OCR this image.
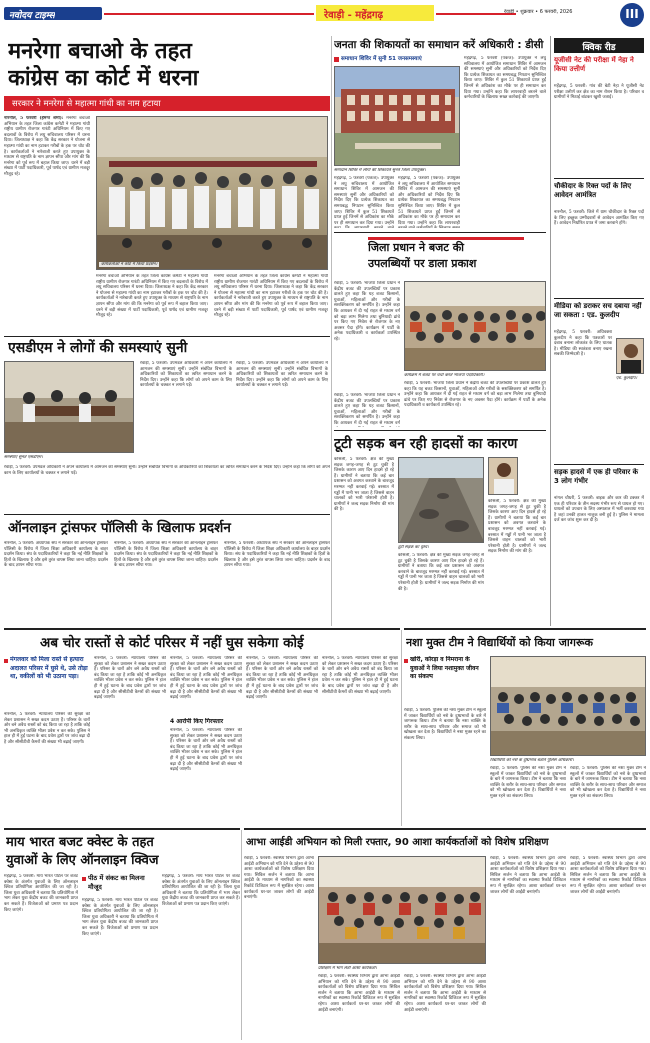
नवोदय टाइम्स	रेवाड़ी - महेंद्रगढ़	रेवाड़ी • शुक्रवार • 6 फरवरी, 2026	III
मनरेगा बचाओ के तहत
कांग्रेस का कोर्ट में धरना
सरकार ने मनरेगा से महात्मा गांधी का नाम हटाया
नारनौल, 5 फरवरी (हेमन्त शर्मा): मनरेगा बचाओ अभियान के तहत जिला कांग्रेस कमेटी ने महात्मा गांधी राष्ट्रीय ग्रामीण रोजगार गारंटी अधिनियम में किए गए बदलावों के विरोध में लघु सचिवालय परिसर में धरना दिया। जिलाध्यक्ष ने कहा कि केंद्र सरकार ने योजना से महात्मा गांधी का नाम हटाकर गरीबों के हक पर चोट की है। कार्यकर्ताओं ने नारेबाजी करते हुए उपायुक्त के माध्यम से राष्ट्रपति के नाम ज्ञापन सौंपा और मांग की कि मनरेगा को पूर्व रूप में बहाल किया जाए। धरने में बड़ी संख्या में पार्टी पदाधिकारी, पूर्व पार्षद एवं ग्रामीण मजदूर मौजूद रहे।
कार्यकर्ताओं ने कोर्ट में किया प्रदर्शन।
मनरेगा बचाओ अभियान के तहत जिला कांग्रेस कमेटी ने महात्मा गांधी राष्ट्रीय ग्रामीण रोजगार गारंटी अधिनियम में किए गए बदलावों के विरोध में लघु सचिवालय परिसर में धरना दिया। जिलाध्यक्ष ने कहा कि केंद्र सरकार ने योजना से महात्मा गांधी का नाम हटाकर गरीबों के हक पर चोट की है। कार्यकर्ताओं ने नारेबाजी करते हुए उपायुक्त के माध्यम से राष्ट्रपति के नाम ज्ञापन सौंपा और मांग की कि मनरेगा को पूर्व रूप में बहाल किया जाए। धरने में बड़ी संख्या में पार्टी पदाधिकारी, पूर्व पार्षद एवं ग्रामीण मजदूर मौजूद रहे।
मनरेगा बचाओ अभियान के तहत जिला कांग्रेस कमेटी ने महात्मा गांधी राष्ट्रीय ग्रामीण रोजगार गारंटी अधिनियम में किए गए बदलावों के विरोध में लघु सचिवालय परिसर में धरना दिया। जिलाध्यक्ष ने कहा कि केंद्र सरकार ने योजना से महात्मा गांधी का नाम हटाकर गरीबों के हक पर चोट की है। कार्यकर्ताओं ने नारेबाजी करते हुए उपायुक्त के माध्यम से राष्ट्रपति के नाम ज्ञापन सौंपा और मांग की कि मनरेगा को पूर्व रूप में बहाल किया जाए। धरने में बड़ी संख्या में पार्टी पदाधिकारी, पूर्व पार्षद एवं ग्रामीण मजदूर मौजूद रहे।
जनता की शिकायतों का समाधान करें अधिकारी : डीसी
समाधान शिविर में सुनी 51 जनसमस्याएं
समाधान शिविर में लोगों की शिकायतें सुनते जिला उपायुक्त।
महेंद्रगढ़, 5 फरवरी (पंकज): उपायुक्त ने लघु सचिवालय में आयोजित समाधान शिविर में आमजन की समस्याएं सुनीं और अधिकारियों को निर्देश दिए कि प्रत्येक शिकायत का समयबद्ध निपटान सुनिश्चित किया जाए। शिविर में कुल 51 शिकायतें प्राप्त हुईं जिनमें से अधिकांश का मौके पर ही समाधान कर दिया गया। उन्होंने
महेंद्रगढ़, 5 फरवरी (पंकज): उपायुक्त ने लघु सचिवालय में आयोजित समाधान शिविर में आमजन की समस्याएं सुनीं और अधिकारियों को निर्देश दिए कि प्रत्येक शिकायत का समयबद्ध निपटान सुनिश्चित किया जाए। शिविर में कुल 51 शिकायतें प्राप्त हुईं जिनमें से अधिकांश का मौके पर ही समाधान कर दिया गया। उन्होंने कहा कि लापरवाही
महेंद्रगढ़, 5 फरवरी (पंकज): उपायुक्त ने लघु सचिवालय में आयोजित समाधान शिविर में आमजन की समस्याएं सुनीं और अधिकारियों को निर्देश दिए कि प्रत्येक शिकायत का समयबद्ध निपटान सुनिश्चित किया जाए। शिविर में कुल 51 शिकायतें प्राप्त हुईं जिनमें से अधिकांश का मौके पर ही समाधान कर दिया गया। उन्होंने कहा कि लापरवाही बरतने वाले कर्मचारियों के खिलाफ सख्त कार्रवाई की जाएगी।
क्विक रीड
यूजीसी नेट की परीक्षा में नेहा ने किया उत्तीर्ण
महेंद्रगढ़, 5 फरवरी: गांव की बेटी नेहा ने यूजीसी नेट परीक्षा उत्तीर्ण कर क्षेत्र का नाम रोशन किया है। परिवार व ग्रामीणों ने मिठाई बांटकर खुशी जताई।
चौकीदार के रिक्त पदों के लिए आवेदन आमंत्रित
नारनौल, 5 फरवरी: जिले में ग्राम चौकीदार के रिक्त पदों के लिए इच्छुक उम्मीदवारों से आवेदन आमंत्रित किए गए हैं। आवेदन निर्धारित प्रपत्र में जमा करवाने होंगे।
मीडिया को डराकर सच दबाया नहीं जा सकता : एड. कुलदीप
महेंद्रगढ़, 5 फरवरी: अधिवक्ता कुलदीप ने कहा कि पत्रकारों पर दबाव बनाना लोकतंत्र के लिए घातक है। मीडिया की स्वतंत्रता बनाए रखना सबकी जिम्मेदारी है।
एड. कुलदीप।
सड़क हादसे में एक ही परिवार के 3 लोग गंभीर
नांगल चौधरी, 5 फरवरी: बाइक और कार की टक्कर में एक ही परिवार के तीन सदस्य गंभीर रूप से घायल हो गए। घायलों को उपचार के लिए अस्पताल में भर्ती करवाया गया है जहां उनकी हालत नाजुक बनी हुई है। पुलिस ने मामला दर्ज कर जांच शुरू कर दी है।
जिला प्रधान ने बजट की
उपलब्धियों पर डाला प्रकाश
रेवाड़ी, 5 फरवरी: भाजपा जिला प्रधान ने केंद्रीय बजट की उपलब्धियों पर प्रकाश डालते हुए कहा कि यह बजट किसानों, युवाओं, महिलाओं और गरीबों के सशक्तिकरण को समर्पित है। उन्होंने कहा कि आयकर में दी गई राहत से मध्यम वर्ग को बड़ा लाभ मिलेगा तथा बुनियादी ढांचे पर किए गए निवेश से रोजगार के नए अवसर पैदा होंगे। कार्यक्रम में पार्टी के अनेक पदाधिकारी व कार्यकर्ता उपस्थित रहे।
कार्यक्रम में बजट पर चर्चा करते भाजपा पदाधिकारी।
रेवाड़ी, 5 फरवरी: भाजपा जिला प्रधान ने केंद्रीय बजट की उपलब्धियों पर प्रकाश डालते हुए कहा कि यह बजट किसानों, युवाओं, महिलाओं और गरीबों के सशक्तिकरण को समर्पित है। उन्होंने कहा कि आयकर में दी गई राहत से मध्यम वर्ग को बड़ा लाभ मिलेगा तथा बुनियादी ढांचे पर किए गए निवेश से रोजगार के नए अवसर पैदा होंगे। कार्यक्रम में पार्टी के अनेक पदाधिकारी व कार्यकर्ता उपस्थित रहे।
रेवाड़ी, 5 फरवरी: भाजपा जिला प्रधान ने केंद्रीय बजट की उपलब्धियों पर प्रकाश डालते हुए कहा कि यह बजट किसानों, युवाओं, महिलाओं और गरीबों के सशक्तिकरण को समर्पित है। उन्होंने कहा कि आयकर में दी गई राहत से मध्यम वर्ग
एसडीएम ने लोगों की समस्याएं सुनी
समस्याएं सुनते एसडीएम।
रेवाड़ी, 5 फरवरी: उपमंडल अधिकारी ने अपने कार्यालय में आमजन की समस्याएं सुनीं। उन्होंने संबंधित विभागों के अधिकारियों को शिकायतों का त्वरित समाधान करने के निर्देश दिए। उन्होंने कहा कि लोगों को अपने काम के लिए कार्यालयों के चक्कर न लगाने पड़ें।
रेवाड़ी, 5 फरवरी: उपमंडल अधिकारी ने अपने कार्यालय में आमजन की समस्याएं सुनीं। उन्होंने संबंधित विभागों के अधिकारियों को शिकायतों का त्वरित समाधान करने के निर्देश दिए। उन्होंने कहा कि लोगों को अपने काम के लिए कार्यालयों के चक्कर न लगाने पड़ें।
रेवाड़ी, 5 फरवरी: उपमंडल अधिकारी ने अपने कार्यालय में आमजन की समस्याएं सुनीं। उन्होंने संबंधित विभागों के अधिकारियों को शिकायतों का त्वरित समाधान करने के निर्देश दिए। उन्होंने कहा कि लोगों को अपने काम के लिए कार्यालयों के चक्कर न लगाने पड़ें।
टूटी सड़क बन रही हादसों का कारण
कोसली, 5 फरवरी: क्षेत्र की मुख्य सड़क जगह-जगह से टूट चुकी है जिसके कारण आए दिन हादसे हो रहे हैं। ग्रामीणों ने बताया कि कई बार प्रशासन को अवगत करवाने के बावजूद मरम्मत नहीं करवाई गई। बरसात में गड्ढों में पानी भर जाता है जिससे वाहन चालकों को भारी परेशानी होती है। ग्रामीणों ने जल्द सड़क निर्माण की मांग की है।
टूटी सड़क का दृश्य।
कोसली, 5 फरवरी: क्षेत्र की मुख्य सड़क जगह-जगह से टूट चुकी है जिसके कारण आए दिन हादसे हो रहे हैं। ग्रामीणों ने बताया कि कई बार प्रशासन को अवगत करवाने के बावजूद मरम्मत नहीं करवाई गई। बरसात में गड्ढों में पानी भर जाता है जिससे वाहन चालकों को भारी परेशानी होती है। ग्रामीणों ने जल्द सड़क निर्माण की मांग की है।
कोसली, 5 फरवरी: क्षेत्र की मुख्य सड़क जगह-जगह से टूट चुकी है जिसके कारण आए दिन हादसे हो रहे हैं। ग्रामीणों ने बताया कि कई बार प्रशासन को अवगत करवाने के बावजूद मरम्मत नहीं करवाई गई। बरसात में गड्ढों में पानी भर जाता है जिससे वाहन चालकों को भारी परेशानी होती है। ग्रामीणों ने जल्द सड़क निर्माण की मांग की है।
ऑनलाइन ट्रांसफर पॉलिसी के खिलाफ प्रदर्शन
नारनौल, 5 फरवरी: अध्यापक संघ ने सरकार की ऑनलाइन ट्रांसफर पॉलिसी के विरोध में जिला शिक्षा अधिकारी कार्यालय के बाहर प्रदर्शन किया। संघ के पदाधिकारियों ने कहा कि नई नीति शिक्षकों के हितों के खिलाफ है और इसे तुरंत वापस लिया जाना चाहिए। प्रदर्शन के बाद ज्ञापन सौंपा गया।
नारनौल, 5 फरवरी: अध्यापक संघ ने सरकार की ऑनलाइन ट्रांसफर पॉलिसी के विरोध में जिला शिक्षा अधिकारी कार्यालय के बाहर प्रदर्शन किया। संघ के पदाधिकारियों ने कहा कि नई नीति शिक्षकों के हितों के खिलाफ है और इसे तुरंत वापस लिया जाना चाहिए। प्रदर्शन के बाद ज्ञापन सौंपा गया।
नारनौल, 5 फरवरी: अध्यापक संघ ने सरकार की ऑनलाइन ट्रांसफर पॉलिसी के विरोध में जिला शिक्षा अधिकारी कार्यालय के बाहर प्रदर्शन किया। संघ के पदाधिकारियों ने कहा कि नई नीति शिक्षकों के हितों के खिलाफ है और इसे तुरंत वापस लिया जाना चाहिए। प्रदर्शन के बाद ज्ञापन सौंपा गया।
अब चोर रास्तों से कोर्ट परिसर में नहीं घुस सकेगा कोई
मंगलवार को मिला रास्ते से हत्यारा अदालत परिसर में घुसे थे, उसे तोड़ा था, वकीलों को भी उठाना पड़ा।
नारनौल, 5 फरवरी: न्यायालय परिसर की सुरक्षा को लेकर प्रशासन ने सख्त कदम उठाए हैं। परिसर के चारों ओर बने अवैध रास्तों को बंद किया जा रहा है ताकि कोई भी अनधिकृत व्यक्ति भीतर प्रवेश न कर सके। पुलिस ने हाल ही में हुई घटना के बाद प्रवेश द्वारों पर जांच बढ़ा दी है और सीसीटीवी कैमरों की संख्या भी बढ़ाई जाएगी।
नारनौल, 5 फरवरी: न्यायालय परिसर की सुरक्षा को लेकर प्रशासन ने सख्त कदम उठाए हैं। परिसर के चारों ओर बने अवैध रास्तों को बंद किया जा रहा है ताकि कोई भी अनधिकृत व्यक्ति भीतर प्रवेश न कर सके। पुलिस ने हाल ही में हुई घटना के बाद प्रवेश द्वारों पर जांच बढ़ा दी है और सीसीटीवी कैमरों की संख्या भी बढ़ाई जाएगी।
नारनौल, 5 फरवरी: न्यायालय परिसर की सुरक्षा को लेकर प्रशासन ने सख्त कदम उठाए हैं। परिसर के चारों ओर बने अवैध रास्तों को बंद किया जा रहा है ताकि कोई भी अनधिकृत व्यक्ति भीतर प्रवेश न कर सके। पुलिस ने हाल ही में हुई घटना के बाद प्रवेश द्वारों पर जांच बढ़ा दी है और सीसीटीवी कैमरों की संख्या भी बढ़ाई जाएगी।
4 आरोपी किए गिरफ्तार
नारनौल, 5 फरवरी: न्यायालय परिसर की सुरक्षा को लेकर प्रशासन ने सख्त कदम उठाए हैं। परिसर के चारों ओर बने अवैध रास्तों को बंद किया जा रहा है ताकि कोई भी अनधिकृत व्यक्ति भीतर प्रवेश न कर सके। पुलिस ने हाल ही में हुई घटना के बाद प्रवेश द्वारों पर जांच बढ़ा दी है और सीसीटीवी कैमरों की संख्या भी बढ़ाई जाएगी।
नारनौल, 5 फरवरी: न्यायालय परिसर की सुरक्षा को लेकर प्रशासन ने सख्त कदम उठाए हैं। परिसर के चारों ओर बने अवैध रास्तों को बंद किया जा रहा है ताकि कोई भी अनधिकृत व्यक्ति भीतर प्रवेश न कर सके। पुलिस ने हाल ही में हुई घटना के बाद प्रवेश द्वारों पर जांच बढ़ा दी है और सीसीटीवी कैमरों की संख्या भी बढ़ाई जाएगी।
नारनौल, 5 फरवरी: न्यायालय परिसर की सुरक्षा को लेकर प्रशासन ने सख्त कदम उठाए हैं। परिसर के चारों ओर बने अवैध रास्तों को बंद किया जा रहा है ताकि कोई भी अनधिकृत व्यक्ति भीतर प्रवेश न कर सके। पुलिस ने हाल ही में हुई घटना के बाद प्रवेश द्वारों पर जांच बढ़ा दी है और सीसीटीवी कैमरों की संख्या भी बढ़ाई जाएगी।
नशा मुक्त टीम ने विद्यार्थियों को किया जागरूक
खोरी, कोरड़ा व निमराना के युवाओं ने लिया नशामुक्त जीवन का संकल्प
रेवाड़ी, 5 फरवरी: पुलिस की नशा मुक्त टीम ने स्कूलों में जाकर विद्यार्थियों को नशे के दुष्प्रभावों के बारे में जागरूक किया। टीम ने बताया कि नशा व्यक्ति के शरीर के साथ-साथ परिवार और समाज को भी खोखला कर देता है। विद्यार्थियों ने नशा मुक्त रहने का संकल्प लिया।
विद्यार्थियों को नशे के दुष्प्रभाव बताते पुलिस अधिकारी।
रेवाड़ी, 5 फरवरी: पुलिस की नशा मुक्त टीम ने स्कूलों में जाकर विद्यार्थियों को नशे के दुष्प्रभावों के बारे में जागरूक किया। टीम ने बताया कि नशा व्यक्ति के शरीर के साथ-साथ परिवार और समाज को भी खोखला कर देता है। विद्यार्थियों ने नशा मुक्त रहने का संकल्प लिया।
रेवाड़ी, 5 फरवरी: पुलिस की नशा मुक्त टीम ने स्कूलों में जाकर विद्यार्थियों को नशे के दुष्प्रभावों के बारे में जागरूक किया। टीम ने बताया कि नशा व्यक्ति के शरीर के साथ-साथ परिवार और समाज को भी खोखला कर देता है। विद्यार्थियों ने नशा मुक्त रहने का संकल्प लिया।
माय भारत बजट क्वेस्ट के तहत
युवाओं के लिए ऑनलाइन क्विज
महेंद्रगढ़, 5 फरवरी: माय भारत पोर्टल पर बजट क्वेस्ट के अंतर्गत युवाओं के लिए ऑनलाइन क्विज प्रतियोगिता आयोजित की जा रही है। जिला युवा अधिकारी ने बताया कि प्रतियोगिता में भाग लेकर युवा केंद्रीय बजट की जानकारी प्राप्त कर सकते हैं। विजेताओं को प्रमाण पत्र प्रदान किए जाएंगे।
पीठ में संकट का मिलना मौजूद
महेंद्रगढ़, 5 फरवरी: माय भारत पोर्टल पर बजट क्वेस्ट के अंतर्गत युवाओं के लिए ऑनलाइन क्विज प्रतियोगिता आयोजित की जा रही है। जिला युवा अधिकारी ने बताया कि प्रतियोगिता में भाग लेकर युवा केंद्रीय बजट की जानकारी प्राप्त कर सकते हैं। विजेताओं को प्रमाण पत्र प्रदान किए जाएंगे।
महेंद्रगढ़, 5 फरवरी: माय भारत पोर्टल पर बजट क्वेस्ट के अंतर्गत युवाओं के लिए ऑनलाइन क्विज प्रतियोगिता आयोजित की जा रही है। जिला युवा अधिकारी ने बताया कि प्रतियोगिता में भाग लेकर युवा केंद्रीय बजट की जानकारी प्राप्त कर सकते हैं। विजेताओं को प्रमाण पत्र प्रदान किए जाएंगे।
आभा आईडी अभियान को मिली रफ्तार, 90 आशा कार्यकर्ताओं को विशेष प्रशिक्षण
रेवाड़ी, 5 फरवरी: स्वास्थ्य विभाग द्वारा आभा आईडी अभियान को गति देने के उद्देश्य से 90 आशा कार्यकर्ताओं को विशेष प्रशिक्षण दिया गया। सिविल सर्जन ने बताया कि आभा आईडी के माध्यम से नागरिकों का स्वास्थ्य रिकॉर्ड डिजिटल रूप में सुरक्षित रहेगा। आशा कार्यकर्ता घर-घर जाकर लोगों की आईडी बनाएंगी।
प्रशिक्षण में भाग लेती आशा कार्यकर्ता।
रेवाड़ी, 5 फरवरी: स्वास्थ्य विभाग द्वारा आभा आईडी अभियान को गति देने के उद्देश्य से 90 आशा कार्यकर्ताओं को विशेष प्रशिक्षण दिया गया। सिविल सर्जन ने बताया कि आभा आईडी के माध्यम से नागरिकों का स्वास्थ्य रिकॉर्ड डिजिटल रूप में सुरक्षित रहेगा। आशा कार्यकर्ता घर-घर जाकर लोगों की आईडी बनाएंगी।
रेवाड़ी, 5 फरवरी: स्वास्थ्य विभाग द्वारा आभा आईडी अभियान को गति देने के उद्देश्य से 90 आशा कार्यकर्ताओं को विशेष प्रशिक्षण दिया गया। सिविल सर्जन ने बताया कि आभा आईडी के माध्यम से नागरिकों का स्वास्थ्य रिकॉर्ड डिजिटल रूप में सुरक्षित रहेगा। आशा कार्यकर्ता घर-घर जाकर लोगों की आईडी बनाएंगी।
रेवाड़ी, 5 फरवरी: स्वास्थ्य विभाग द्वारा आभा आईडी अभियान को गति देने के उद्देश्य से 90 आशा कार्यकर्ताओं को विशेष प्रशिक्षण दिया गया। सिविल सर्जन ने बताया कि आभा आईडी के माध्यम से नागरिकों का स्वास्थ्य रिकॉर्ड डिजिटल रूप में सुरक्षित रहेगा। आशा कार्यकर्ता घर-घर जाकर लोगों की आईडी बनाएंगी।
रेवाड़ी, 5 फरवरी: स्वास्थ्य विभाग द्वारा आभा आईडी अभियान को गति देने के उद्देश्य से 90 आशा कार्यकर्ताओं को विशेष प्रशिक्षण दिया गया। सिविल सर्जन ने बताया कि आभा आईडी के माध्यम से नागरिकों का स्वास्थ्य रिकॉर्ड डिजिटल रूप में सुरक्षित रहेगा। आशा कार्यकर्ता घर-घर जाकर लोगों की आईडी बनाएंगी।
